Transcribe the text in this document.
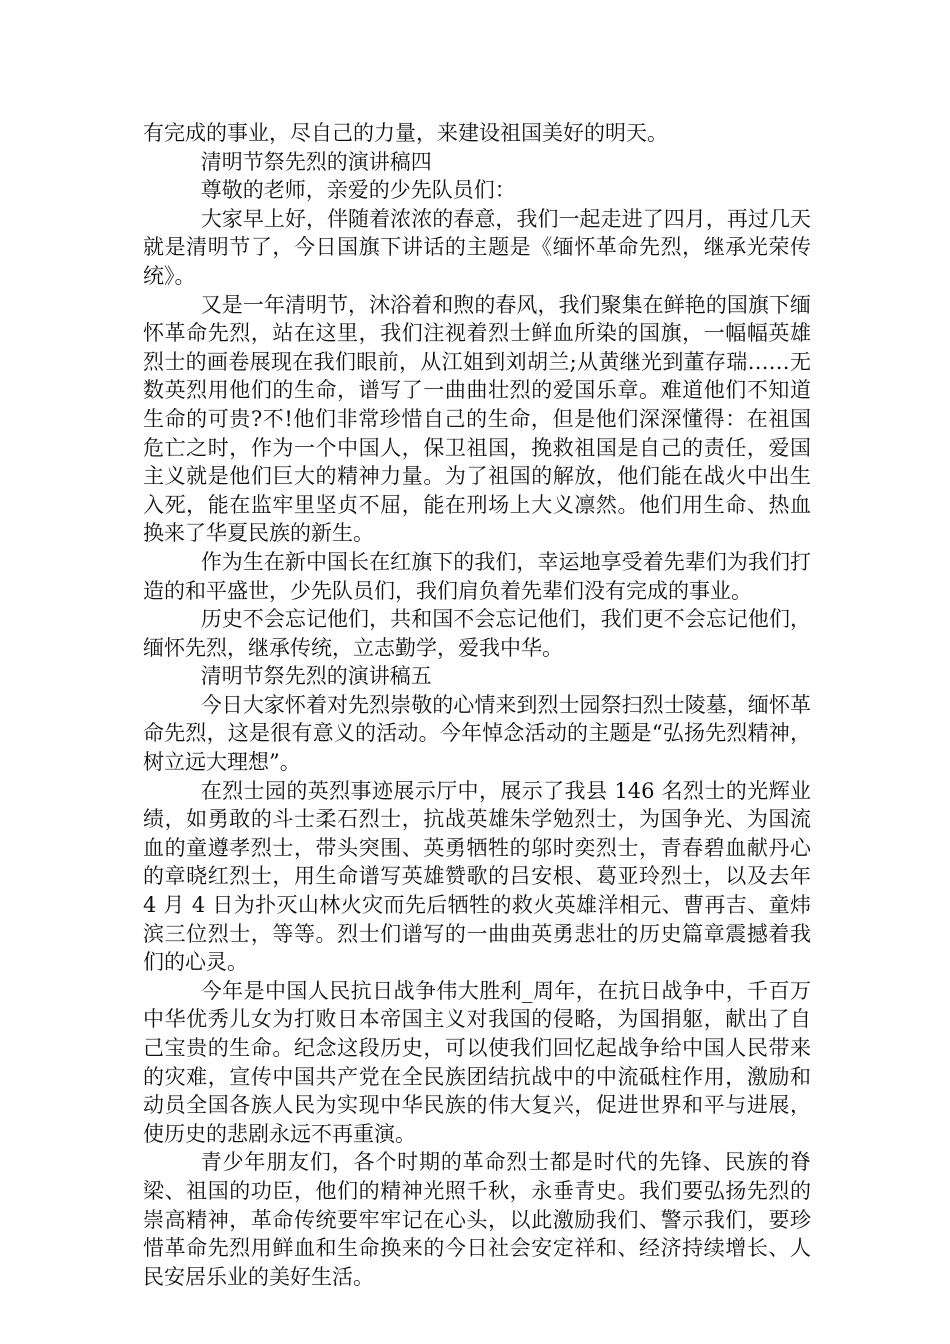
有完成的事业，尽自己的力量，来建设祖国美好的明天。

清明节祭先烈的演讲稿四

尊敬的老师，亲爱的少先队员们：

大家早上好，伴随着浓浓的春意，我们一起走进了四月，再过几天就是清明节了，今日国旗下讲话的主题是《缅怀革命先烈，继承光荣传统》。

又是一年清明节，沐浴着和煦的春风，我们聚集在鲜艳的国旗下缅怀革命先烈，站在这里，我们注视着烈士鲜血所染的国旗，一幅幅英雄烈士的画卷展现在我们眼前，从江姐到刘胡兰;从黄继光到董存瑞……无数英烈用他们的生命，谱写了一曲曲壮烈的爱国乐章。难道他们不知道生命的可贵?不!他们非常珍惜自己的生命，但是他们深深懂得：在祖国危亡之时，作为一个中国人，保卫祖国，挽救祖国是自己的责任，爱国主义就是他们巨大的精神力量。为了祖国的解放，他们能在战火中出生入死，能在监牢里坚贞不屈，能在刑场上大义凛然。他们用生命、热血换来了华夏民族的新生。

作为生在新中国长在红旗下的我们，幸运地享受着先辈们为我们打造的和平盛世，少先队员们，我们肩负着先辈们没有完成的事业。

历史不会忘记他们，共和国不会忘记他们，我们更不会忘记他们，缅怀先烈，继承传统，立志勤学，爱我中华。

清明节祭先烈的演讲稿五

今日大家怀着对先烈崇敬的心情来到烈士园祭扫烈士陵墓，缅怀革命先烈，这是很有意义的活动。今年悼念活动的主题是“弘扬先烈精神，树立远大理想”。

在烈士园的英烈事迹展示厅中，展示了我县 146 名烈士的光辉业绩，如勇敢的斗士柔石烈士，抗战英雄朱学勉烈士，为国争光、为国流血的童遵孝烈士，带头突围、英勇牺牲的邬时奕烈士，青春碧血献丹心的章晓红烈士，用生命谱写英雄赞歌的吕安根、葛亚玲烈士，以及去年 4 月 4 日为扑灭山林火灾而先后牺牲的救火英雄洋相元、曹再吉、童炜滨三位烈士，等等。烈士们谱写的一曲曲英勇悲壮的历史篇章震撼着我们的心灵。

今年是中国人民抗日战争伟大胜利_周年，在抗日战争中，千百万中华优秀儿女为打败日本帝国主义对我国的侵略，为国捐躯，献出了自己宝贵的生命。纪念这段历史，可以使我们回忆起战争给中国人民带来的灾难，宣传中国共产党在全民族团结抗战中的中流砥柱作用，激励和动员全国各族人民为实现中华民族的伟大复兴，促进世界和平与进展，使历史的悲剧永远不再重演。

青少年朋友们，各个时期的革命烈士都是时代的先锋、民族的脊梁、祖国的功臣，他们的精神光照千秋，永垂青史。我们要弘扬先烈的崇高精神，革命传统要牢牢记在心头，以此激励我们、警示我们，要珍惜革命先烈用鲜血和生命换来的今日社会安定祥和、经济持续增长、人民安居乐业的美好生活。
